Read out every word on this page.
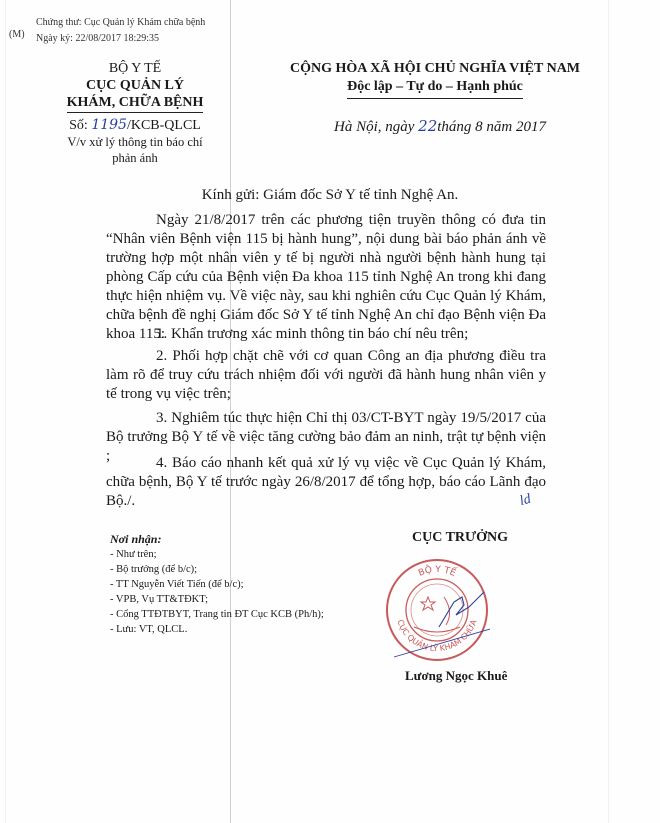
(M)
Chứng thư: Cục Quản lý Khám chữa bệnh
Ngày ký: 22/08/2017 18:29:35
BỘ Y TẾ
CỤC QUẢN LÝ
KHÁM, CHỮA BỆNH
Số: 1195/KCB-QLCL
V/v xử lý thông tin báo chí
phản ánh
CỘNG HÒA XÃ HỘI CHỦ NGHĨA VIỆT NAM
Độc lập – Tự do – Hạnh phúc
Hà Nội, ngày 22tháng 8 năm 2017
Kính gửi: Giám đốc Sở Y tế tỉnh Nghệ An.
Ngày 21/8/2017 trên các phương tiện truyền thông có đưa tin “Nhân viên Bệnh viện 115 bị hành hung”, nội dung bài báo phản ánh về trường hợp một nhân viên y tế bị người nhà người bệnh hành hung tại phòng Cấp cứu của Bệnh viện Đa khoa 115 tỉnh Nghệ An trong khi đang thực hiện nhiệm vụ. Về việc này, sau khi nghiên cứu Cục Quản lý Khám, chữa bệnh đề nghị Giám đốc Sở Y tế tỉnh Nghệ An chỉ đạo Bệnh viện Đa khoa 115:
1. Khẩn trương xác minh thông tin báo chí nêu trên;
2. Phối hợp chặt chẽ với cơ quan Công an địa phương điều tra làm rõ để truy cứu trách nhiệm đối với người đã hành hung nhân viên y tế trong vụ việc trên;
3. Nghiêm túc thực hiện Chỉ thị 03/CT-BYT ngày 19/5/2017 của Bộ trưởng Bộ Y tế về việc tăng cường bảo đảm an ninh, trật tự bệnh viện ;	4. Báo cáo nhanh kết quả xử lý vụ việc về Cục Quản lý Khám, chữa bệnh, Bộ Y tế trước ngày 26/8/2017 để tổng hợp, báo cáo Lãnh đạo Bộ./.	ld
Nơi nhận:
- Như trên;
- Bộ trưởng (để b/c);
- TT Nguyễn Viết Tiến (để b/c);
- VPB, Vụ TT&TĐKT;
- Cổng TTĐTBYT, Trang tin ĐT Cục KCB (Ph/h);
- Lưu: VT, QLCL.
CỤC TRƯỞNG
BỘ Y TẾ
CỤC QUẢN LÝ KHÁM CHỮA
Lương Ngọc Khuê
